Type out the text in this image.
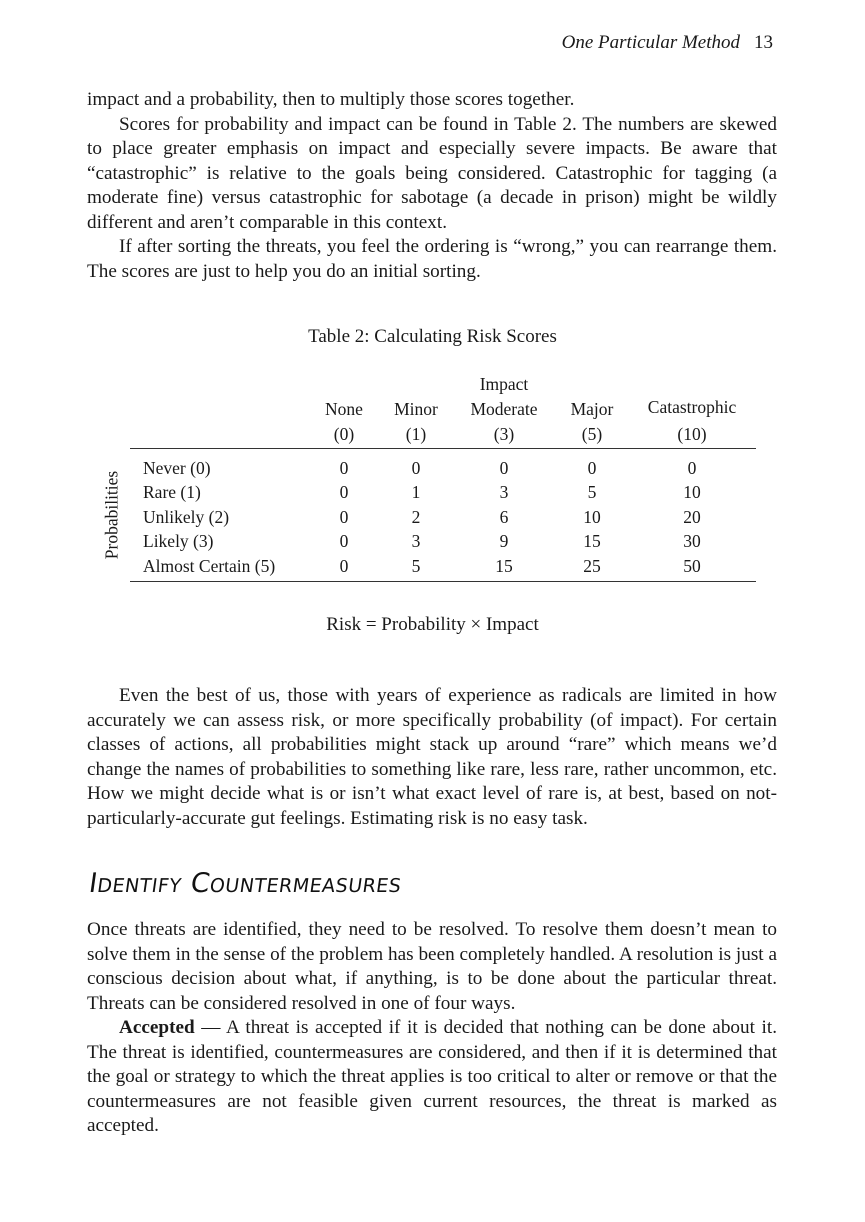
One Particular Method 13

impact and a probability, then to multiply those scores together.

Scores for probability and impact can be found in Table 2. The numbers are skewed to place greater emphasis on impact and especially severe impacts. Be aware that “catastrophic” is relative to the goals being considered. Catastrophic for tagging (a moderate fine) versus catastrophic for sabotage (a decade in prison) might be wildly different and aren’t comparable in this context.

If after sorting the threats, you feel the ordering is “wrong,” you can rearrange them. The scores are just to help you do an initial sorting.

Table 2: Calculating Risk Scores
Probabilities
			Impact		
	None	Minor	Moderate	Major	Catastrophic
	(0)	(1)	(3)	(5)	(10)
Never (0)	0	0	0	0	0
Rare (1)	0	1	3	5	10
Unlikely (2)	0	2	6	10	20
Likely (3)	0	3	9	15	30
Almost Certain (5)	0	5	15	25	50
Risk = Probability × Impact

Even the best of us, those with years of experience as radicals are limited in how accurately we can assess risk, or more specifically probability (of impact). For certain classes of actions, all probabilities might stack up around “rare” which means we’d change the names of probabilities to something like rare, less rare, rather uncommon, etc. How we might decide what is or isn’t what exact level of rare is, at best, based on not-particularly-accurate gut feelings. Estimating risk is no easy task.

Identify Countermeasures

Once threats are identified, they need to be resolved. To resolve them doesn’t mean to solve them in the sense of the problem has been completely handled. A resolution is just a conscious decision about what, if anything, is to be done about the particular threat. Threats can be considered resolved in one of four ways.

Accepted — A threat is accepted if it is decided that nothing can be done about it. The threat is identified, countermeasures are considered, and then if it is determined that the goal or strategy to which the threat applies is too critical to alter or remove or that the countermeasures are not feasible given current resources, the threat is marked as accepted.
